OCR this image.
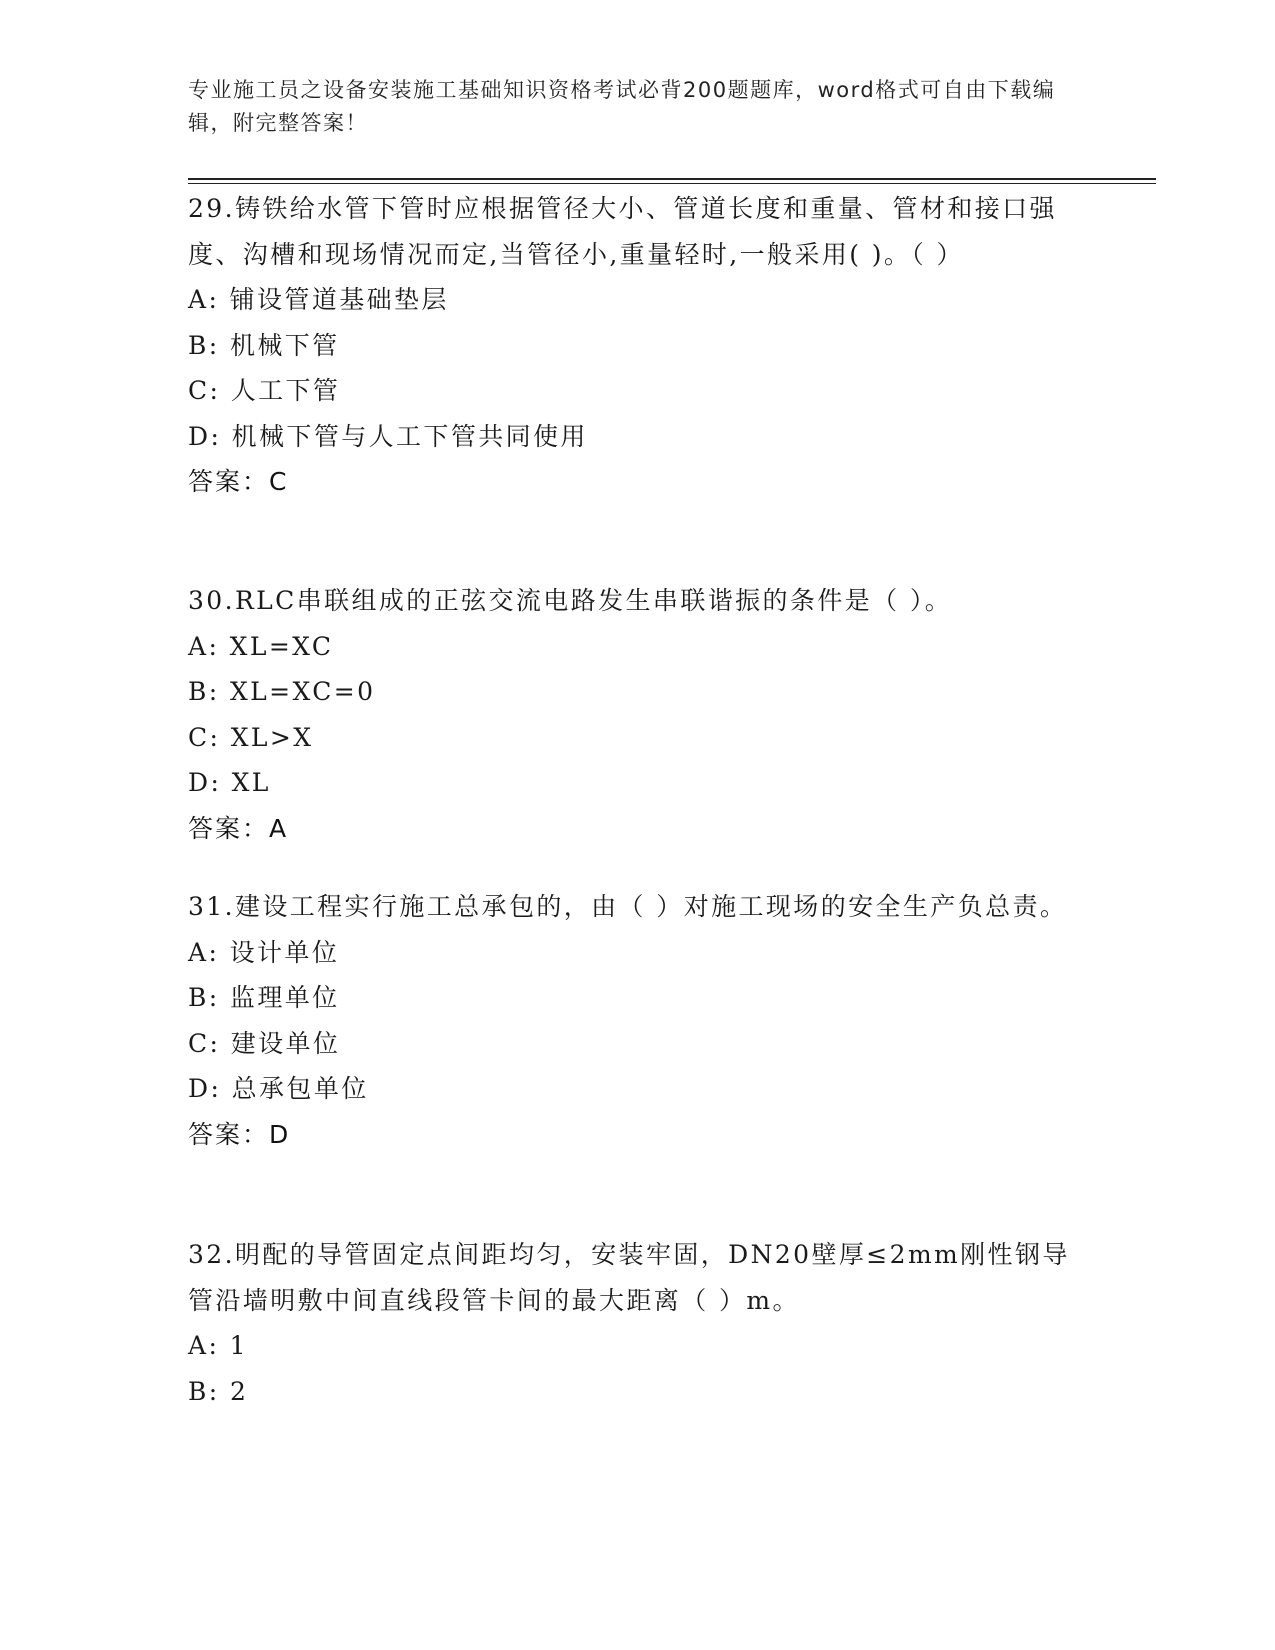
专业施工员之设备安装施工基础知识资格考试必背200题题库，word格式可自由下载编辑，附完整答案！
29.铸铁给水管下管时应根据管径大小、管道长度和重量、管材和接口强度、沟槽和现场情况而定,当管径小,重量轻时,一般采用( )。（ ）
A: 铺设管道基础垫层
B: 机械下管
C: 人工下管
D: 机械下管与人工下管共同使用
答案：C
30.RLC串联组成的正弦交流电路发生串联谐振的条件是（ ）。
A: XL=XC
B: XL=XC=0
C: XL>X
D: XL
答案：A
31.建设工程实行施工总承包的，由（ ）对施工现场的安全生产负总责。
A: 设计单位
B: 监理单位
C: 建设单位
D: 总承包单位
答案：D
32.明配的导管固定点间距均匀，安装牢固，DN20壁厚≤2mm刚性钢导管沿墙明敷中间直线段管卡间的最大距离（ ）m。
A: 1
B: 2
